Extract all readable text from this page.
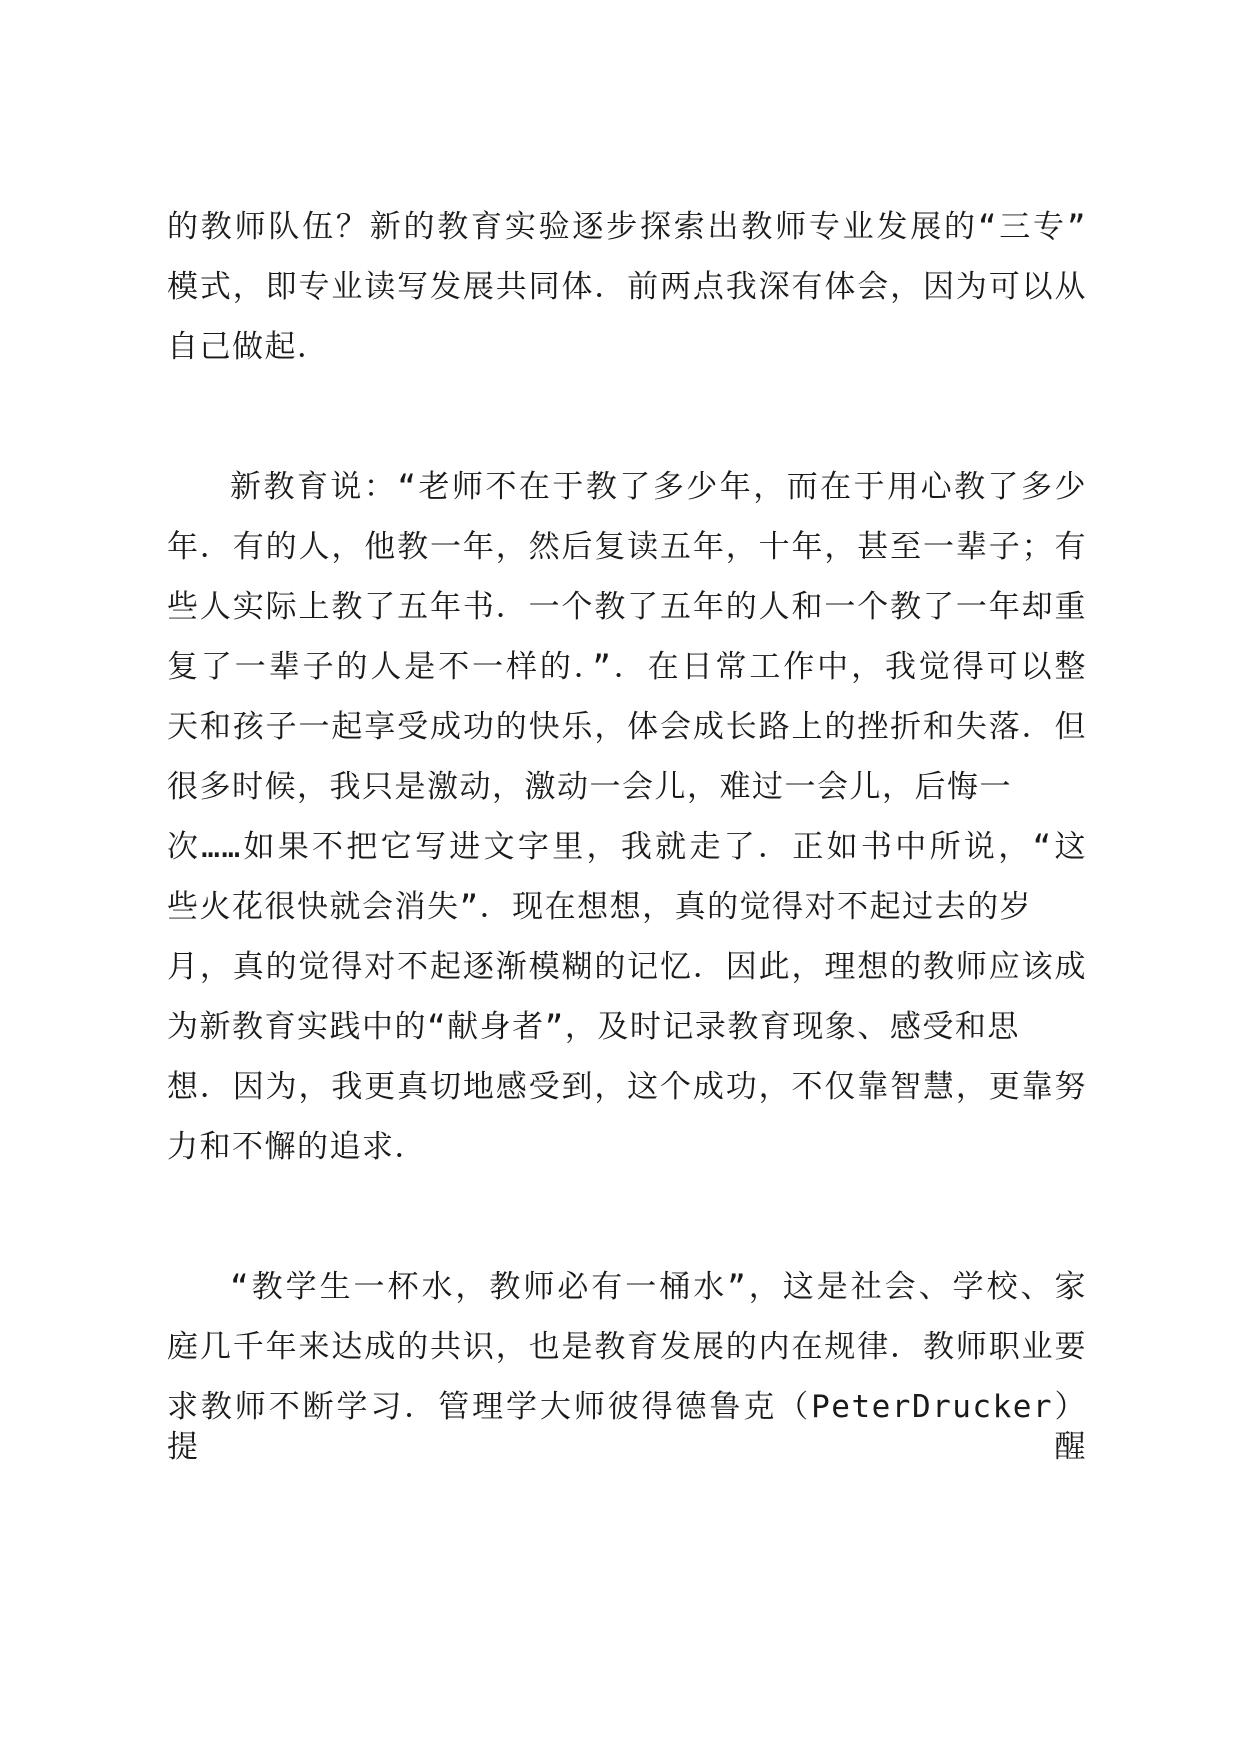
的教师队伍？新的教育实验逐步探索出教师专业发展的“三专”
模式，即专业读写发展共同体．前两点我深有体会，因为可以从
自己做起．
新教育说：“老师不在于教了多少年，而在于用心教了多少
年．有的人，他教一年，然后复读五年，十年，甚至一辈子；有
些人实际上教了五年书．一个教了五年的人和一个教了一年却重
复了一辈子的人是不一样的．”．在日常工作中，我觉得可以整
天和孩子一起享受成功的快乐，体会成长路上的挫折和失落．但
很多时候，我只是激动，激动一会儿，难过一会儿，后悔一
次……如果不把它写进文字里，我就走了．正如书中所说，“这
些火花很快就会消失”．现在想想，真的觉得对不起过去的岁
月，真的觉得对不起逐渐模糊的记忆．因此，理想的教师应该成
为新教育实践中的“献身者”，及时记录教育现象、感受和思
想．因为，我更真切地感受到，这个成功，不仅靠智慧，更靠努
力和不懈的追求．
“教学生一杯水，教师必有一桶水”，这是社会、学校、家
庭几千年来达成的共识，也是教育发展的内在规律．教师职业要
求教师不断学习．管理学大师彼得德鲁克（PeterDrucker）提醒
